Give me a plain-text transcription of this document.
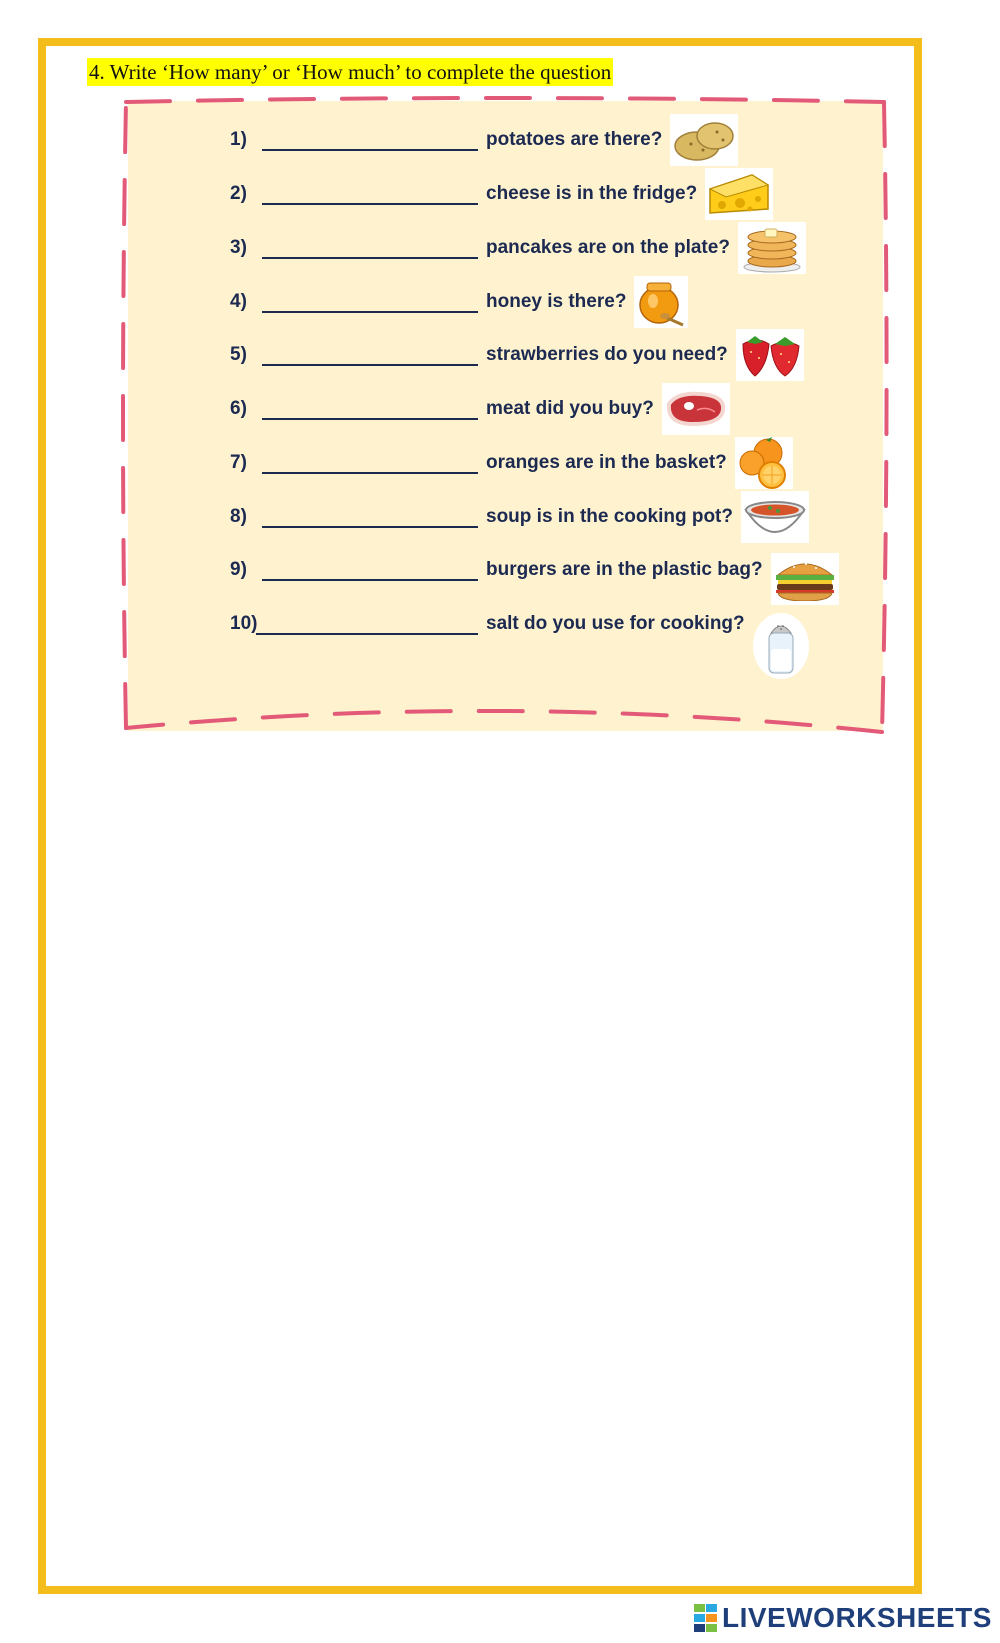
4. Write ‘How many’ or ‘How much’ to complete the question
1)	potatoes are there?
2)	cheese is in the fridge?
3)	pancakes are on the plate?
4)	honey is there?
5)	strawberries do you need?
6)	meat did you buy?
7)	oranges are in the basket?
8)	soup is in the cooking pot?
9)	burgers are in the plastic bag?
10)	salt do you use for cooking?
LIVEWORKSHEETS
